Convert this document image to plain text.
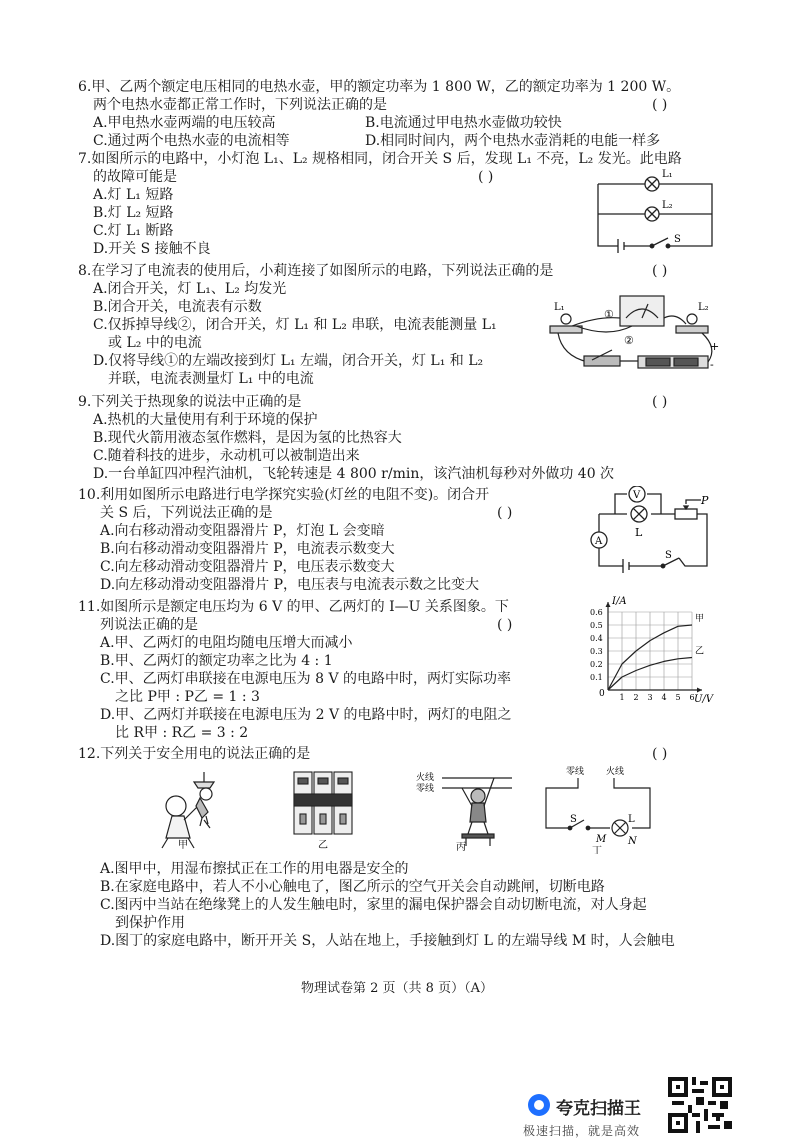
6.甲、乙两个额定电压相同的电热水壶，甲的额定功率为 1 800 W，乙的额定功率为 1 200 W。
两个电热水壶都正常工作时，下列说法正确的是	( )
A.甲电热水壶两端的电压较高	B.电流通过甲电热水壶做功较快
C.通过两个电热水壶的电流相等	D.相同时间内，两个电热水壶消耗的电能一样多
7.如图所示的电路中，小灯泡 L₁、L₂ 规格相同，闭合开关 S 后，发现 L₁ 不亮，L₂ 发光。此电路
的故障可能是	( )
A.灯 L₁ 短路
B.灯 L₂ 短路
C.灯 L₁ 断路
D.开关 S 接触不良
L₁
L₂
S
8.在学习了电流表的使用后，小莉连接了如图所示的电路，下列说法正确的是	( )
A.闭合开关，灯 L₁、L₂ 均发光
B.闭合开关，电流表有示数
C.仅拆掉导线②，闭合开关，灯 L₁ 和 L₂ 串联，电流表能测量 L₁
或 L₂ 中的电流
D.仅将导线①的左端改接到灯 L₁ 左端，闭合开关，灯 L₁ 和 L₂
并联，电流表测量灯 L₁ 中的电流
L₁	L₂
①
②	+
-
9.下列关于热现象的说法中正确的是	( )
A.热机的大量使用有利于环境的保护
B.现代火箭用液态氢作燃料，是因为氢的比热容大
C.随着科技的进步，永动机可以被制造出来
D.一台单缸四冲程汽油机，飞轮转速是 4 800 r/min，该汽油机每秒对外做功 40 次
10.利用如图所示电路进行电学探究实验(灯丝的电阻不变)。闭合开
关 S 后，下列说法正确的是	( )
A.向右移动滑动变阻器滑片 P，灯泡 L 会变暗
B.向右移动滑动变阻器滑片 P，电流表示数变大
C.向左移动滑动变阻器滑片 P，电压表示数变大
D.向左移动滑动变阻器滑片 P，电压表与电流表示数之比变大
V
A
L
P
S
11.如图所示是额定电压均为 6 V 的甲、乙两灯的 I—U 关系图象。下
列说法正确的是	( )
A.甲、乙两灯的电阻均随电压增大而减小
B.甲、乙两灯的额定功率之比为 4 : 1
C.甲、乙两灯串联接在电源电压为 8 V 的电路中时，两灯实际功率
之比 P甲 : P乙 = 1 : 3
D.甲、乙两灯并联接在电源电压为 2 V 的电路中时，两灯的电阻之
比 R甲 : R乙 = 3 : 2
1 2 3 4 5 6
0.1
0.2
0.3
0.4
0.5
0.6
甲
乙
I/A
U/V
0
12.下列关于安全用电的说法正确的是	( )
甲	乙
火线
零线
丙
零线 火线
S	L
M N
丁
A.图甲中，用湿布擦拭正在工作的用电器是安全的
B.在家庭电路中，若人不小心触电了，图乙所示的空气开关会自动跳闸，切断电路
C.图丙中当站在绝缘凳上的人发生触电时，家里的漏电保护器会自动切断电流，对人身起
到保护作用
D.图丁的家庭电路中，断开开关 S，人站在地上，手接触到灯 L 的左端导线 M 时，人会触电
物理试卷第 2 页（共 8 页）（A）
夸克扫描王
极速扫描，就是高效
